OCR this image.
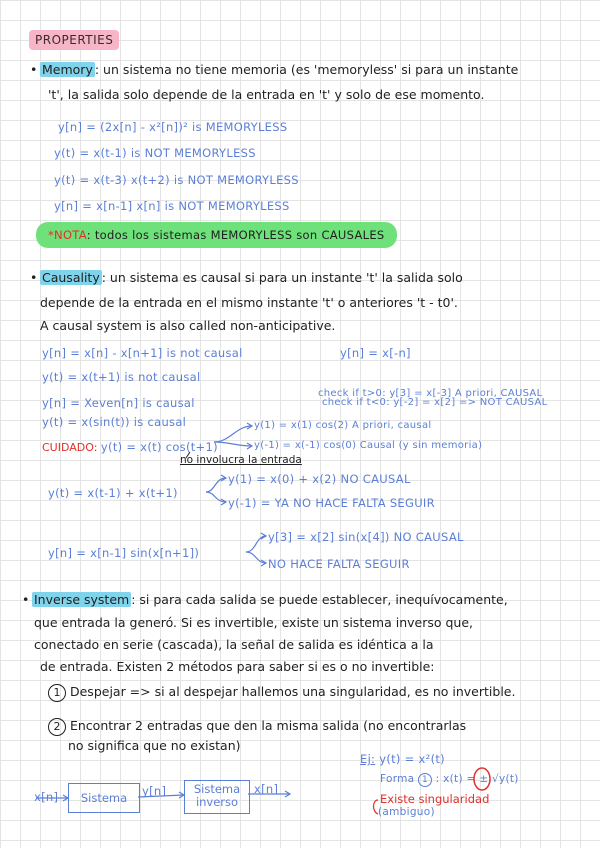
PROPERTIES
• Memory : un sistema no tiene memoria (es 'memoryless' si para un instante
't', la salida solo depende de la entrada en 't' y solo de ese momento.
y[n] = (2x[n] - x²[n])² is MEMORYLESS
y(t) = x(t-1) is NOT MEMORYLESS
y(t) = x(t-3) x(t+2) is NOT MEMORYLESS
y[n] = x[n-1] x[n] is NOT MEMORYLESS
*NOTA: todos los sistemas MEMORYLESS son CAUSALES
• Causality : un sistema es causal si para un instante 't' la salida solo
depende de la entrada en el mismo instante 't' o anteriores 't - t0'.
A causal system is also called non-anticipative.
y[n] = x[n] - x[n+1] is not causal
y(t) = x(t+1) is not causal
y[n] = Xeven[n] is causal
y(t) = x(sin(t)) is causal
y[n] = x[-n]
check if t>0: y[3] = x[-3] A priori, CAUSAL
check if t<0: y[-2] = x[2] => NOT CAUSAL
CUIDADO: y(t) = x(t) cos(t+1)
y(1) = x(1) cos(2) A priori, causal
y(-1) = x(-1) cos(0) Causal (y sin memoria)
no involucra la entrada
y(t) = x(t-1) + x(t+1)
y(1) = x(0) + x(2) NO CAUSAL
y(-1) = YA NO HACE FALTA SEGUIR
y[n] = x[n-1] sin(x[n+1])
y[3] = x[2] sin(x[4]) NO CAUSAL
NO HACE FALTA SEGUIR
• Inverse system : si para cada salida se puede establecer, inequívocamente,
que entrada la generó. Si es invertible, existe un sistema inverso que,
conectado en serie (cascada), la señal de salida es idéntica a la
de entrada. Existen 2 métodos para saber si es o no invertible:
1 Despejar => si al despejar hallemos una singularidad, es no invertible.
2 Encontrar 2 entradas que den la misma salida (no encontrarlas
no significa que no existan)
x[n]	Sistema	y[n]	Sistema
inverso
x[n]
Ej: y(t) = x²(t)
Forma 1 : x(t) = ± √y(t)
Existe singularidad
(ambiguo)
